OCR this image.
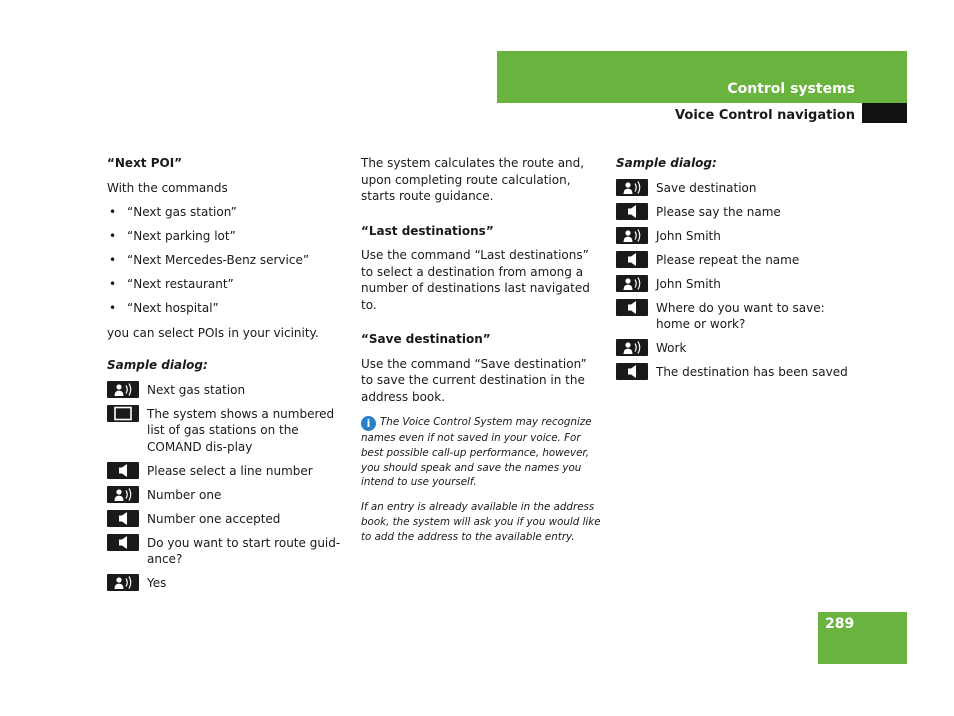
Control systems
Voice Control navigation
“Next POI”
With the commands
• “Next gas station”
• “Next parking lot”
• “Next Mercedes-Benz service”
• “Next restaurant”
• “Next hospital”
you can select POIs in your vicinity.
Sample dialog:
Next gas station
The system shows a numbered list of gas stations on the COMAND dis-play
Please select a line number
Number one
Number one accepted
Do you want to start route guid-ance?
Yes
The system calculates the route and, upon completing route calculation, starts route guidance.
“Last destinations”
Use the command “Last destinations” to select a destination from among a number of destinations last navigated to.
“Save destination”
Use the command “Save destination” to save the current destination in the address book.
i The Voice Control System may recognize names even if not saved in your voice. For best possible call-up performance, however, you should speak and save the names you intend to use yourself.
If an entry is already available in the address book, the system will ask you if you would like to add the address to the available entry.
Sample dialog:
Save destination
Please say the name
John Smith
Please repeat the name
John Smith
Where do you want to save: home or work?
Work
The destination has been saved
289
